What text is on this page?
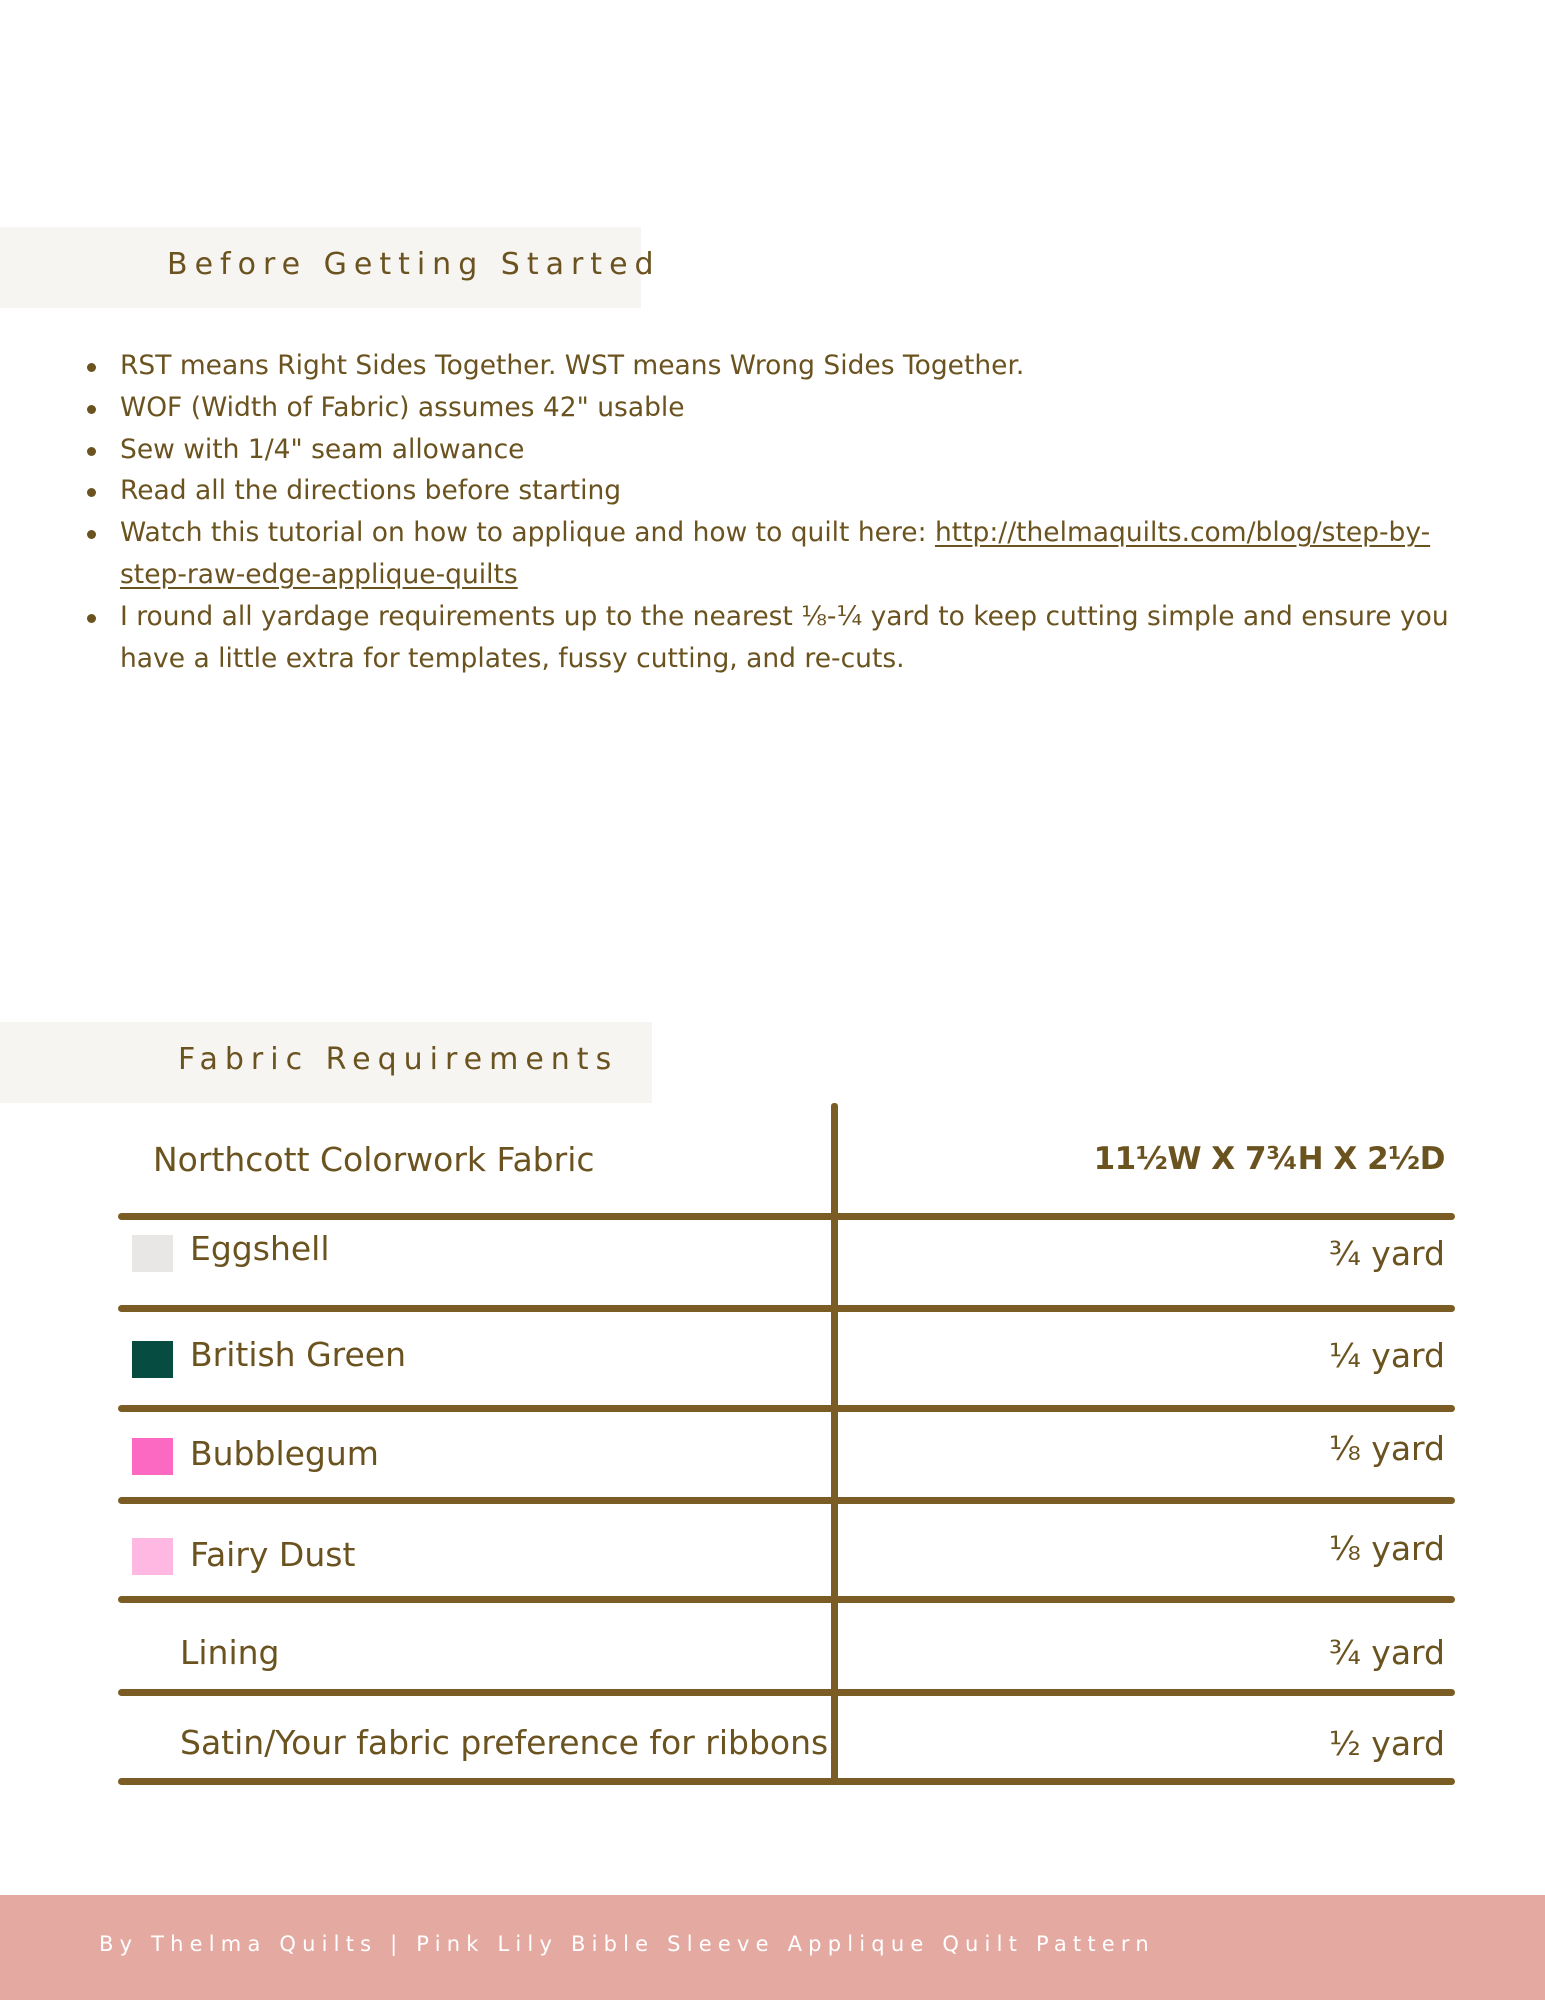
Before Getting Started
RST means Right Sides Together. WST means Wrong Sides Together.
WOF (Width of Fabric) assumes 42" usable
Sew with 1/4" seam allowance
Read all the directions before starting
Watch this tutorial on how to applique and how to quilt here: http://thelmaquilts.com/blog/step-by-step-raw-edge-applique-quilts
I round all yardage requirements up to the nearest ⅛-¼ yard to keep cutting simple and ensure you have a little extra for templates, fussy cutting, and re-cuts.
Fabric Requirements
Northcott Colorwork Fabric	11½W X 7¾H X 2½D
Eggshell	¾ yard
British Green	¼ yard
Bubblegum	⅛ yard
Fairy Dust	⅛ yard
Lining	¾ yard
Satin/Your fabric preference for ribbons	½ yard
By Thelma Quilts | Pink Lily Bible Sleeve Applique Quilt Pattern
